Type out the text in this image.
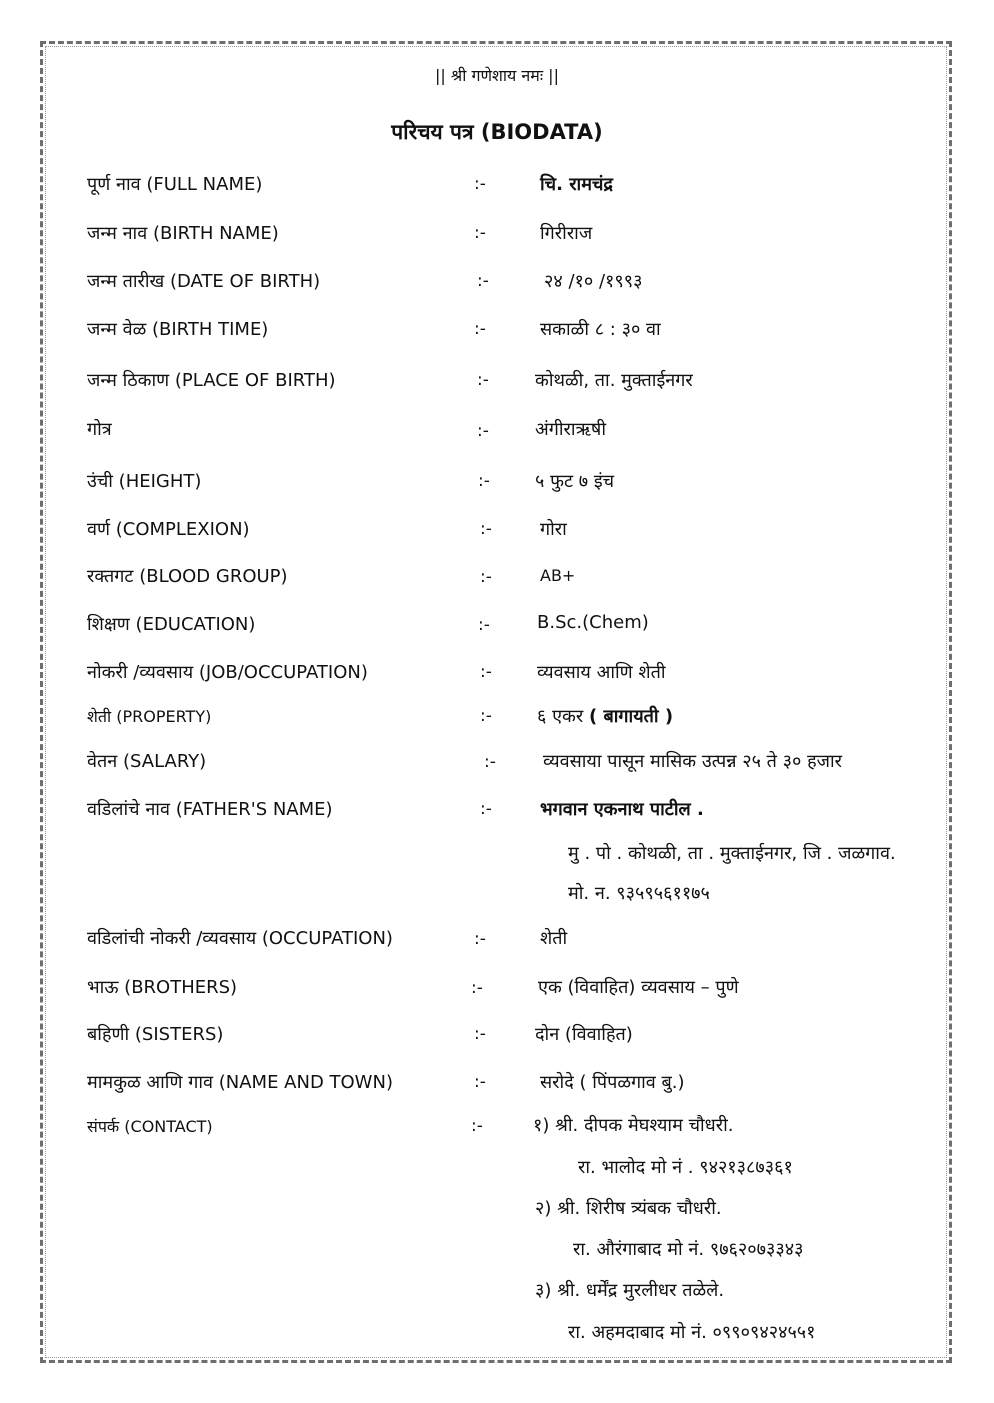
|| श्री गणेशाय नमः ||
परिचय पत्र (BIODATA)
पूर्ण नाव (FULL NAME)	:-	चि. रामचंद्र
जन्म नाव (BIRTH NAME)	:-	गिरीराज
जन्म तारीख (DATE OF BIRTH)	:-	२४ /१० /१९९३
जन्म वेळ (BIRTH TIME)	:-	सकाळी ८ : ३० वा
जन्म ठिकाण (PLACE OF BIRTH)	:-	कोथळी, ता. मुक्ताईनगर
गोत्र	:-	अंगीराऋषी
उंची (HEIGHT)	:-	५ फुट ७ इंच
वर्ण (COMPLEXION)	:-	गोरा
रक्तगट (BLOOD GROUP)	:-	AB+
शिक्षण (EDUCATION)	:-	B.Sc.(Chem)
नोकरी /व्यवसाय (JOB/OCCUPATION)	:-	व्यवसाय आणि शेती
शेती (PROPERTY)	:-	६ एकर ( बागायती )
वेतन (SALARY)	:-	व्यवसाया पासून मासिक उत्पन्न २५ ते ३० हजार
वडिलांचे नाव (FATHER'S NAME)	:-	भगवान एकनाथ पाटील .
मु . पो . कोथळी, ता . मुक्ताईनगर, जि . जळगाव.
मो. न. ९३५९५६११७५
वडिलांची नोकरी /व्यवसाय (OCCUPATION)	:-	शेती
भाऊ (BROTHERS)	:-	एक (विवाहित) व्यवसाय – पुणे
बहिणी (SISTERS)	:-	दोन (विवाहित)
मामकुळ आणि गाव (NAME AND TOWN)	:-	सरोदे ( पिंपळगाव बु.)
संपर्क (CONTACT)	:-	१) श्री. दीपक मेघश्याम चौधरी.
रा. भालोद मो नं . ९४२१३८७३६१
२) श्री. शिरीष त्र्यंबक चौधरी.
रा. औरंगाबाद मो नं. ९७६२०७३३४३
३) श्री. धर्मेंद्र मुरलीधर तळेले.
रा. अहमदाबाद मो नं. ०९९०९४२४५५१
